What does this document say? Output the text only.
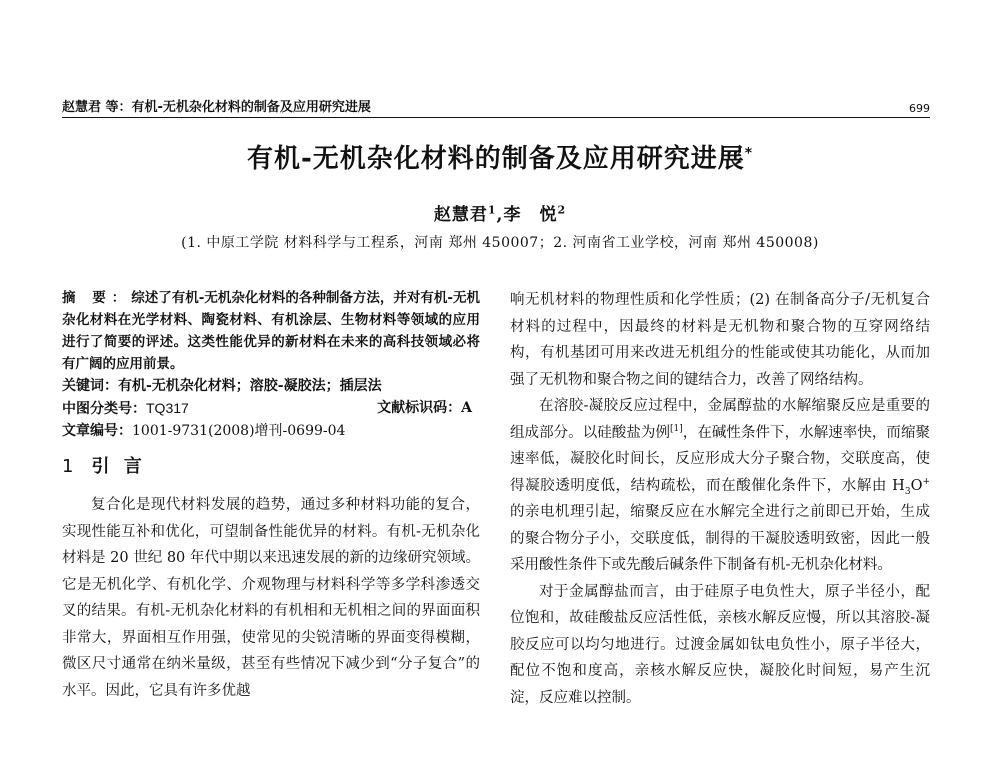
赵慧君 等：有机-无机杂化材料的制备及应用研究进展	699
有机-无机杂化材料的制备及应用研究进展*
赵慧君$^1$,李　悦$^2$
(1. 中原工学院 材料科学与工程系，河南 郑州 450007；2. 河南省工业学校，河南 郑州 450008)

摘 要：综述了有机-无机杂化材料的各种制备方法，并对有机-无机杂化材料在光学材料、陶瓷材料、有机涂层、生物材料等领域的应用进行了简要的评述。这类性能优异的新材料在未来的高科技领域必将有广阔的应用前景。

关键词：有机-无机杂化材料；溶胶-凝胶法；插层法

中图分类号：TQ317	文献标识码：A

文章编号：1001-9731(2008)增刊-0699-04

1 引 言

复合化是现代材料发展的趋势，通过多种材料功能的复合，实现性能互补和优化，可望制备性能优异的材料。有机-无机杂化材料是 20 世纪 80 年代中期以来迅速发展的新的边缘研究领域。它是无机化学、有机化学、介观物理与材料科学等多学科渗透交叉的结果。有机-无机杂化材料的有机相和无机相之间的界面面积非常大，界面相互作用强，使常见的尖锐清晰的界面变得模糊，微区尺寸通常在纳米量级，甚至有些情况下减少到“分子复合”的水平。因此，它具有许多优越

响无机材料的物理性质和化学性质；(2) 在制备高分子/无机复合材料的过程中，因最终的材料是无机物和聚合物的互穿网络结构，有机基团可用来改进无机组分的性能或使其功能化，从而加强了无机物和聚合物之间的键结合力，改善了网络结构。

在溶胶-凝胶反应过程中，金属醇盐的水解缩聚反应是重要的组成部分。以硅酸盐为例[1]，在碱性条件下，水解速率快，而缩聚速率低，凝胶化时间长，反应形成大分子聚合物，交联度高，使得凝胶透明度低，结构疏松，而在酸催化条件下，水解由 $H_3O^+$ 的亲电机理引起，缩聚反应在水解完全进行之前即已开始，生成的聚合物分子小，交联度低，制得的干凝胶透明致密，因此一般采用酸性条件下或先酸后碱条件下制备有机-无机杂化材料。

对于金属醇盐而言，由于硅原子电负性大，原子半径小，配位饱和，故硅酸盐反应活性低，亲核水解反应慢，所以其溶胶-凝胶反应可以均匀地进行。过渡金属如钛电负性小，原子半径大，配位不饱和度高，亲核水解反应快，凝胶化时间短，易产生沉淀，反应难以控制。
